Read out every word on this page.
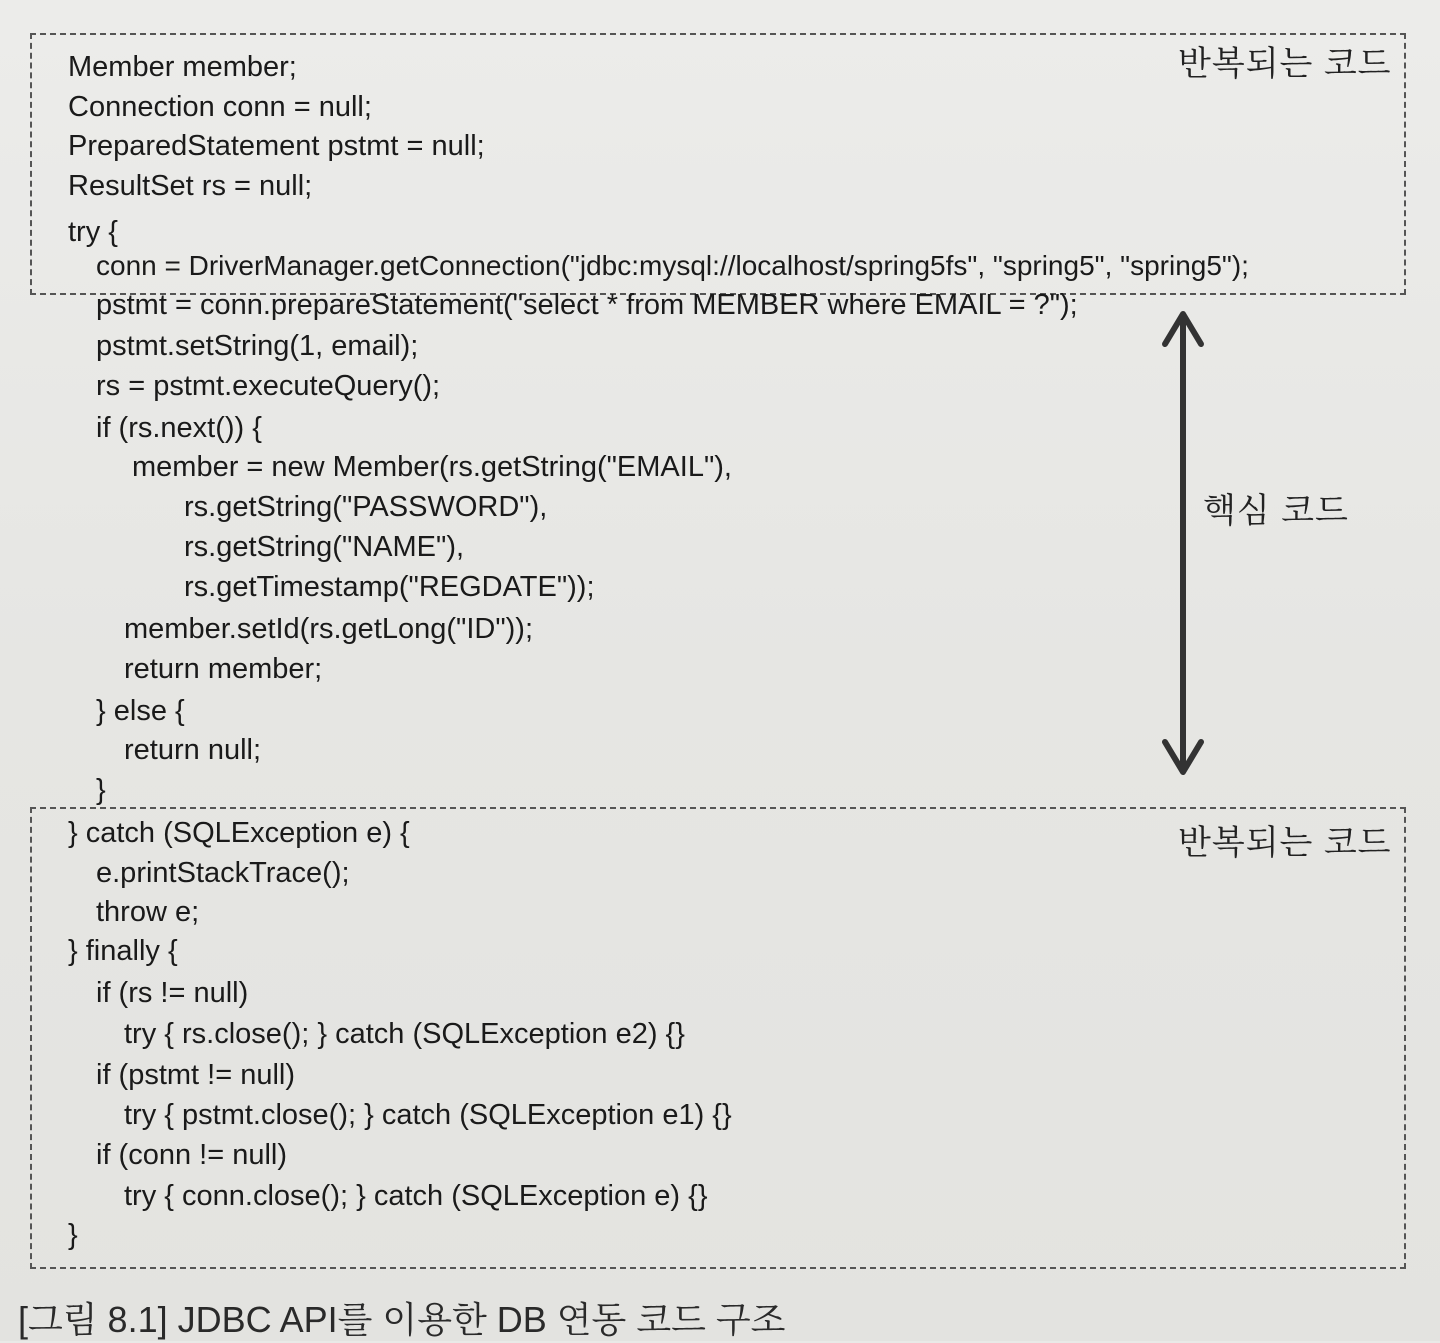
반복되는 코드
반복되는 코드
핵심 코드
Member member;
Connection conn = null;
PreparedStatement pstmt = null;
ResultSet rs = null;
try {
conn = DriverManager.getConnection("jdbc:mysql://localhost/spring5fs", "spring5", "spring5");
pstmt = conn.prepareStatement("select * from MEMBER where EMAIL = ?");
pstmt.setString(1, email);
rs = pstmt.executeQuery();
if (rs.next()) {
member = new Member(rs.getString("EMAIL"),
rs.getString("PASSWORD"),
rs.getString("NAME"),
rs.getTimestamp("REGDATE"));
member.setId(rs.getLong("ID"));
return member;
} else {
return null;
}
} catch (SQLException e) {
e.printStackTrace();
throw e;
} finally {
if (rs != null)
try { rs.close(); } catch (SQLException e2) {}
if (pstmt != null)
try { pstmt.close(); } catch (SQLException e1) {}
if (conn != null)
try { conn.close(); } catch (SQLException e) {}
}
[그림 8.1] JDBC API를 이용한 DB 연동 코드 구조
